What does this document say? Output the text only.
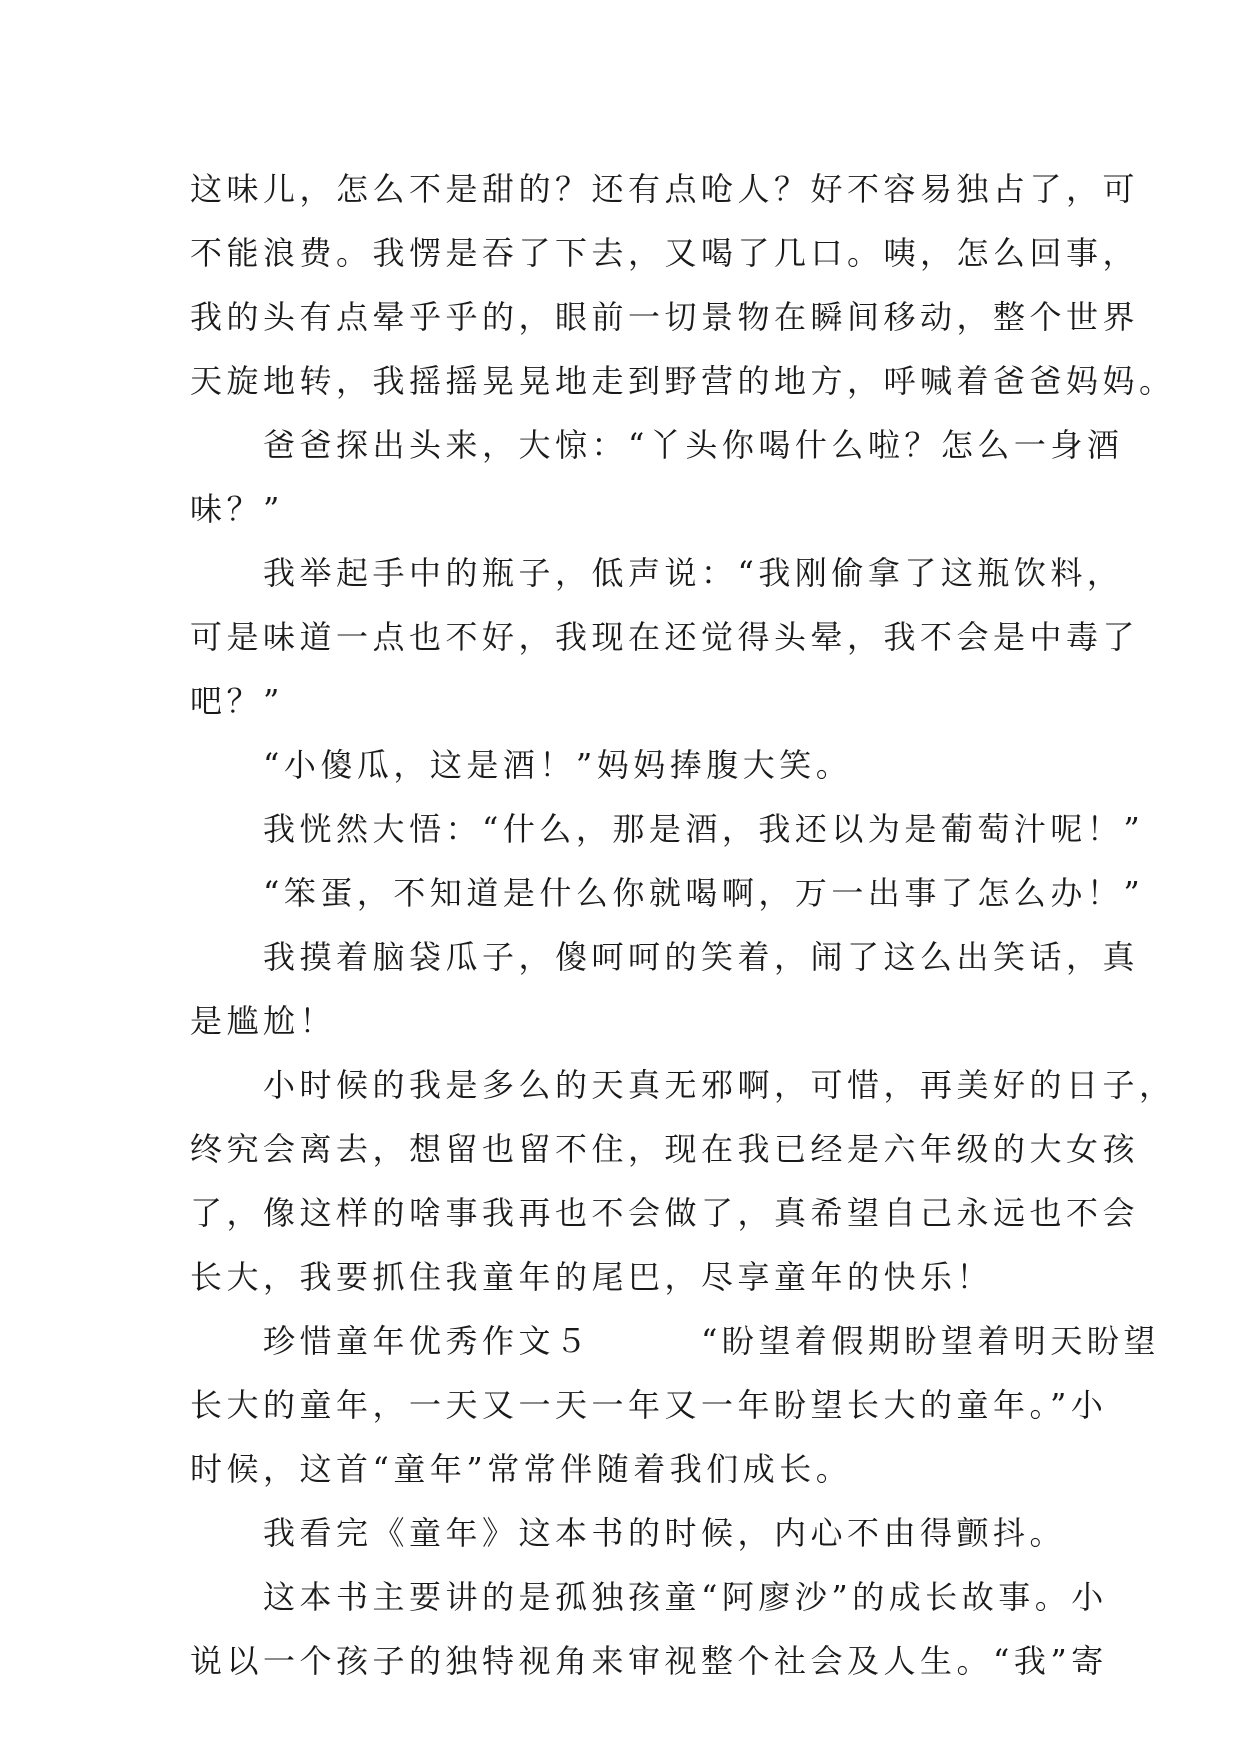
这味儿，怎么不是甜的？还有点呛人？好不容易独占了，可
不能浪费。我愣是吞了下去，又喝了几口。咦，怎么回事，
我的头有点晕乎乎的，眼前一切景物在瞬间移动，整个世界
天旋地转，我摇摇晃晃地走到野营的地方，呼喊着爸爸妈妈。
　　爸爸探出头来，大惊：“丫头你喝什么啦？怎么一身酒
味？”
　　我举起手中的瓶子，低声说：“我刚偷拿了这瓶饮料，
可是味道一点也不好，我现在还觉得头晕，我不会是中毒了
吧？”
　　“小傻瓜，这是酒！”妈妈捧腹大笑。
　　我恍然大悟：“什么，那是酒，我还以为是葡萄汁呢！”
　　“笨蛋，不知道是什么你就喝啊，万一出事了怎么办！”
　　我摸着脑袋瓜子，傻呵呵的笑着，闹了这么出笑话，真
是尴尬！
　　小时候的我是多么的天真无邪啊，可惜，再美好的日子，
终究会离去，想留也留不住，现在我已经是六年级的大女孩
了，像这样的啥事我再也不会做了，真希望自己永远也不会
长大，我要抓住我童年的尾巴，尽享童年的快乐！
　　珍惜童年优秀作文５　　　“盼望着假期盼望着明天盼望
长大的童年，一天又一天一年又一年盼望长大的童年。”小
时候，这首“童年”常常伴随着我们成长。
　　我看完《童年》这本书的时候，内心不由得颤抖。
　　这本书主要讲的是孤独孩童“阿廖沙”的成长故事。小
说以一个孩子的独特视角来审视整个社会及人生。“我”寄
